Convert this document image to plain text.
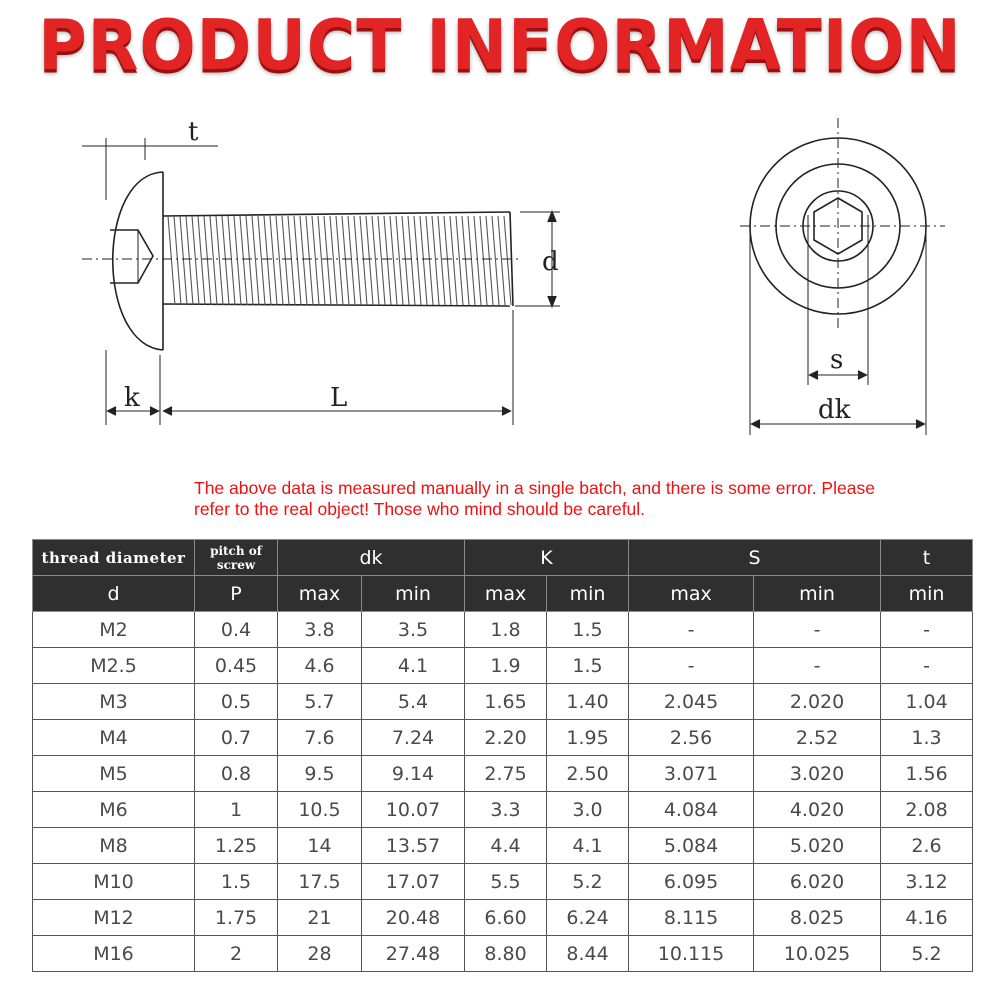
PRODUCT INFORMATION
t
d
k	L
s
dk
The above data is measured manually in a single batch, and there is some error. Please refer to the real object! Those who mind should be careful.
thread diameter	pitch of screw	dk		K		S		t
d	P	max	min	max	min	max	min	min
M2	0.4	3.8	3.5	1.8	1.5	-	-	-
M2.5	0.45	4.6	4.1	1.9	1.5	-	-	-
M3	0.5	5.7	5.4	1.65	1.40	2.045	2.020	1.04
M4	0.7	7.6	7.24	2.20	1.95	2.56	2.52	1.3
M5	0.8	9.5	9.14	2.75	2.50	3.071	3.020	1.56
M6	1	10.5	10.07	3.3	3.0	4.084	4.020	2.08
M8	1.25	14	13.57	4.4	4.1	5.084	5.020	2.6
M10	1.5	17.5	17.07	5.5	5.2	6.095	6.020	3.12
M12	1.75	21	20.48	6.60	6.24	8.115	8.025	4.16
M16	2	28	27.48	8.80	8.44	10.115	10.025	5.2
